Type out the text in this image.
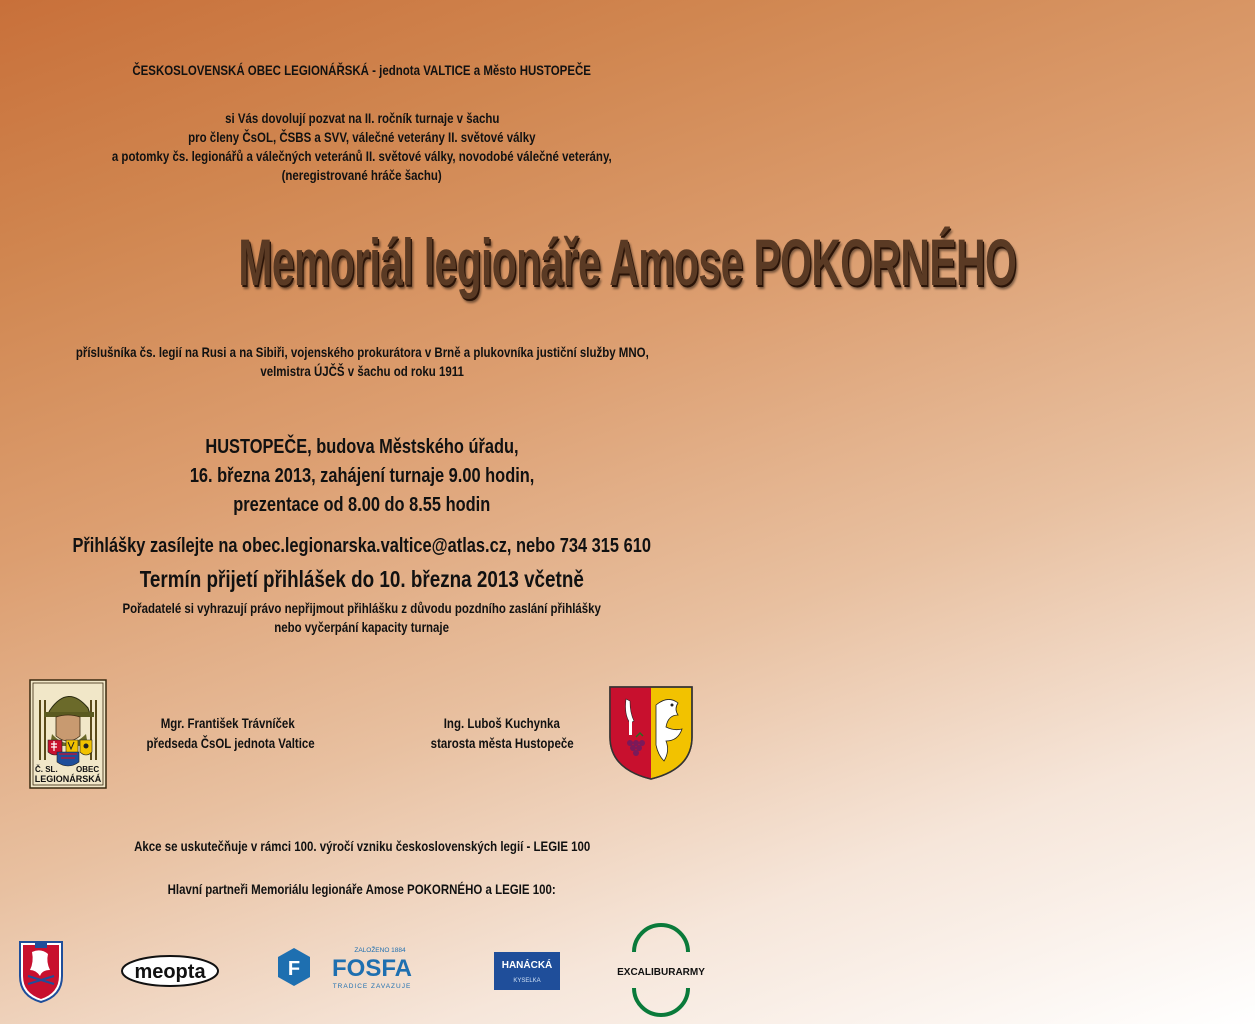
ČESKOSLOVENSKÁ OBEC LEGIONÁŘSKÁ - jednota VALTICE a Město HUSTOPEČE
si Vás dovolují pozvat na II. ročník turnaje v šachu
pro členy ČsOL, ČSBS a SVV, válečné veterány II. světové války
a potomky čs. legionářů a válečných veteránů II. světové války, novodobé válečné veterány,
(neregistrované hráče šachu)
Memoriál legionáře Amose POKORNÉHO
příslušníka čs. legií na Rusi a na Sibiři, vojenského prokurátora v Brně a plukovníka justiční služby MNO,
velmistra ÚJČŠ v šachu od roku 1911
HUSTOPEČE, budova Městského úřadu,
16. března 2013, zahájení turnaje 9.00 hodin,
prezentace od 8.00 do 8.55 hodin
Přihlášky zasílejte na obec.legionarska.valtice@atlas.cz, nebo 734 315 610
Termín přijetí přihlášek do 10. března 2013 včetně
Pořadatelé si vyhrazují právo nepřijmout přihlášku z důvodu pozdního zaslání přihlášky
nebo vyčerpání kapacity turnaje
Č. SL. OBEC
LEGIONÁRSKÁ
Mgr. František Trávníček
předseda ČsOL jednota Valtice
Ing. Luboš Kuchynka
starosta města Hustopeče
Akce se uskutečňuje v rámci 100. výročí vzniku československých legií - LEGIE 100
Hlavní partneři Memoriálu legionáře Amose POKORNÉHO a LEGIE 100:
meopta	F
ZALOŽENO 1884
FOSFA
TRADICE ZAVAZUJE
HANÁCKÁ
KYSELKA
EXCALIBURARMY
